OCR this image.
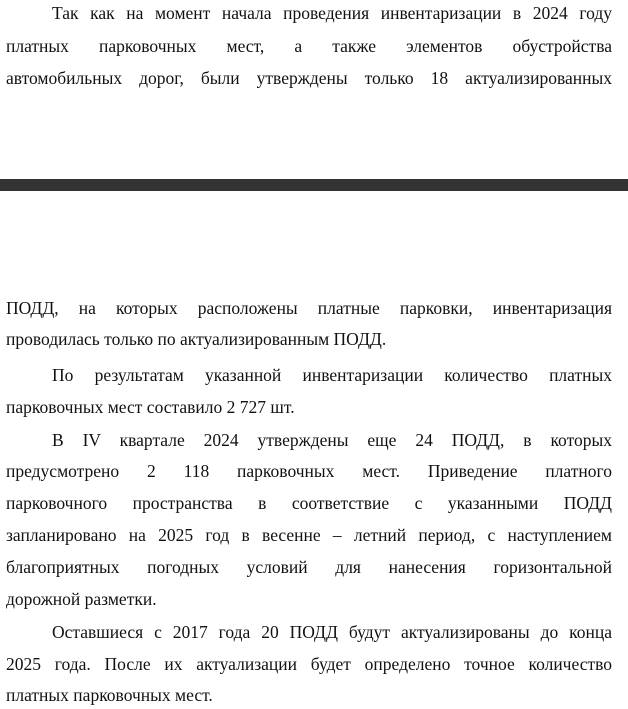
Так как на момент начала проведения инвентаризации в 2024 году
платных парковочных мест, а также элементов обустройства
автомобильных дорог, были утверждены только 18 актуализированных
ПОДД, на которых расположены платные парковки, инвентаризация
проводилась только по актуализированным ПОДД.
По результатам указанной инвентаризации количество платных
парковочных мест составило 2 727 шт.
В IV квартале 2024 утверждены еще 24 ПОДД, в которых
предусмотрено 2 118 парковочных мест. Приведение платного
парковочного пространства в соответствие с указанными ПОДД
запланировано на 2025 год в весенне – летний период, с наступлением
благоприятных погодных условий для нанесения горизонтальной
дорожной разметки.
Оставшиеся с 2017 года 20 ПОДД будут актуализированы до конца
2025 года. После их актуализации будет определено точное количество
платных парковочных мест.
